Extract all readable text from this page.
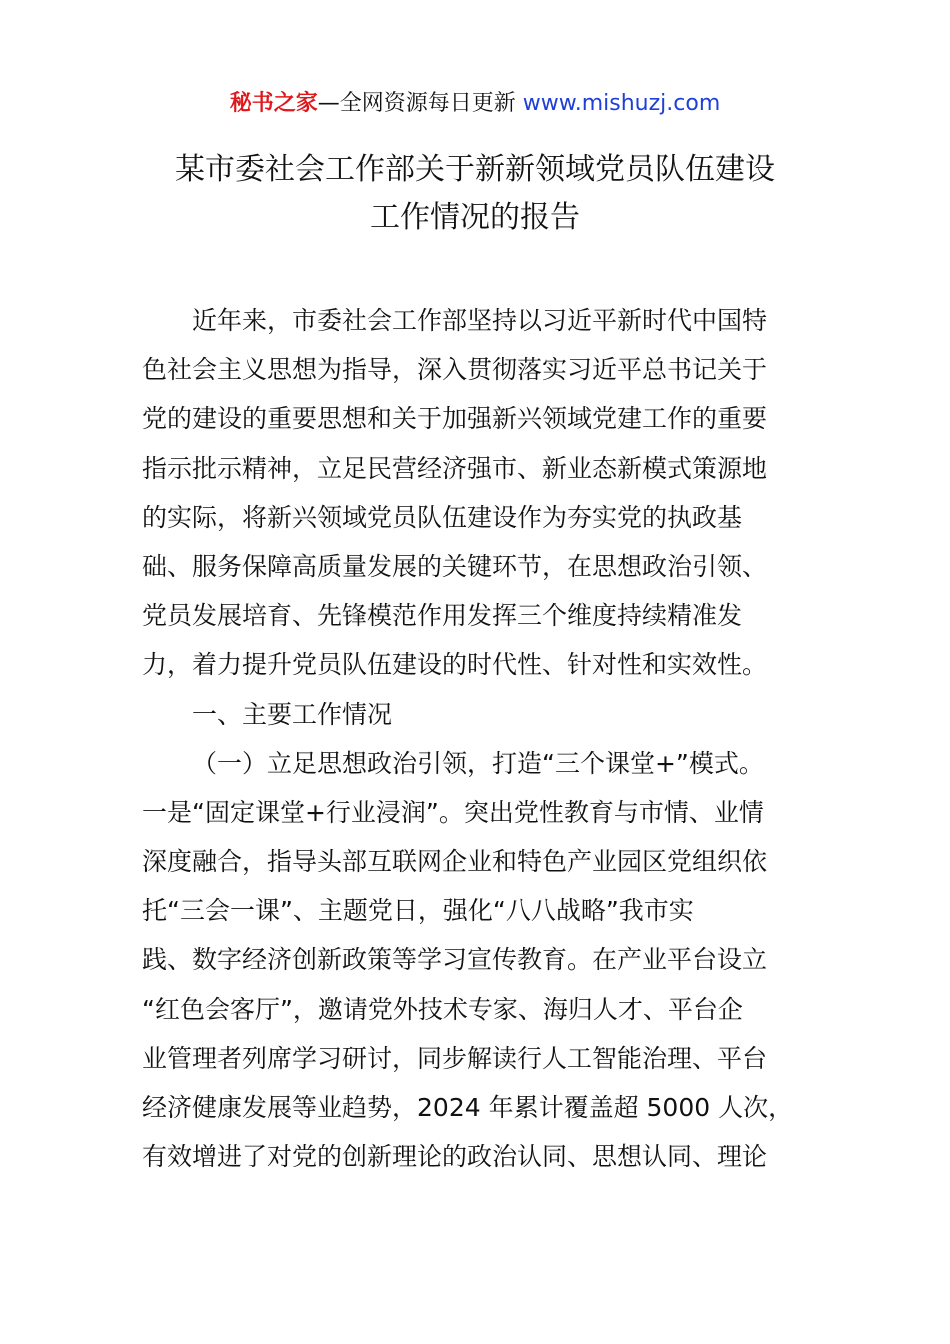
秘书之家—全网资源每日更新 www.mishuzj.com
某市委社会工作部关于新新领域党员队伍建设
工作情况的报告
近年来，市委社会工作部坚持以习近平新时代中国特
色社会主义思想为指导，深入贯彻落实习近平总书记关于
党的建设的重要思想和关于加强新兴领域党建工作的重要
指示批示精神，立足民营经济强市、新业态新模式策源地
的实际，将新兴领域党员队伍建设作为夯实党的执政基
础、服务保障高质量发展的关键环节，在思想政治引领、
党员发展培育、先锋模范作用发挥三个维度持续精准发
力，着力提升党员队伍建设的时代性、针对性和实效性。
一、主要工作情况
（一）立足思想政治引领，打造“三个课堂+”模式。
一是“固定课堂+行业浸润”。突出党性教育与市情、业情
深度融合，指导头部互联网企业和特色产业园区党组织依
托“三会一课”、主题党日，强化“八八战略”我市实
践、数字经济创新政策等学习宣传教育。在产业平台设立
“红色会客厅”，邀请党外技术专家、海归人才、平台企
业管理者列席学习研讨，同步解读行人工智能治理、平台
经济健康发展等业趋势，2024 年累计覆盖超 5000 人次，
有效增进了对党的创新理论的政治认同、思想认同、理论
